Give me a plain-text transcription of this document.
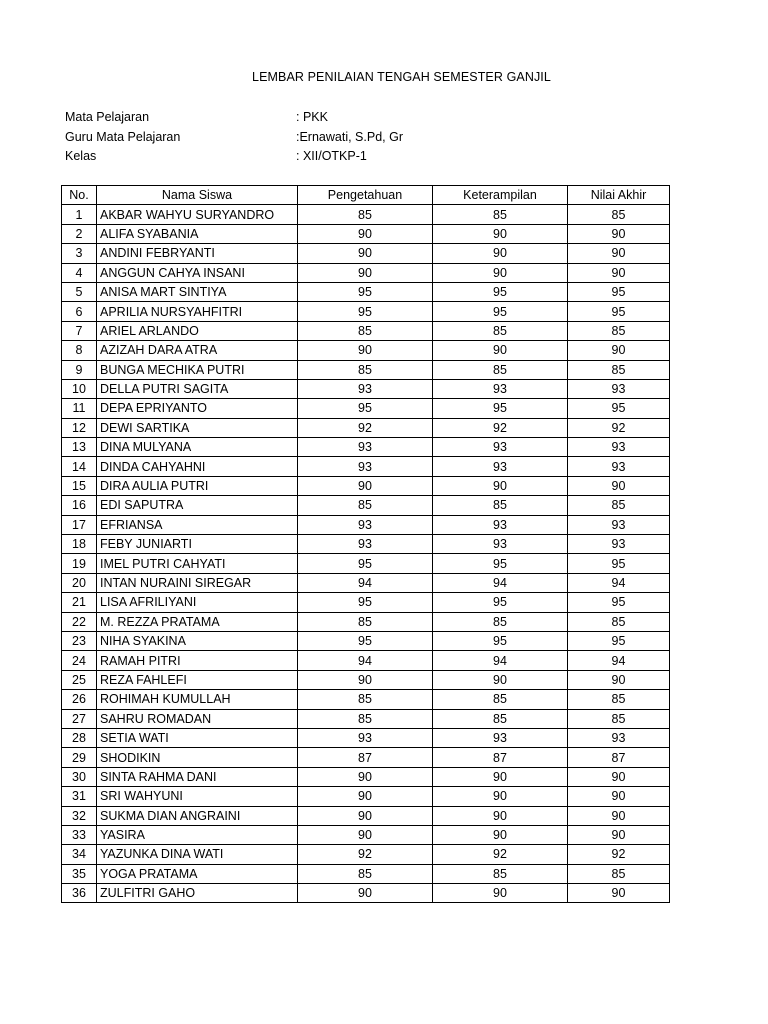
LEMBAR PENILAIAN TENGAH SEMESTER GANJIL
Mata Pelajaran	: PKK
Guru Mata Pelajaran	:Ernawati, S.Pd, Gr
Kelas	: XII/OTKP-1
No.	Nama Siswa	Pengetahuan	Keterampilan	Nilai Akhir
1	AKBAR WAHYU SURYANDRO	85	85	85
2	ALIFA SYABANIA	90	90	90
3	ANDINI FEBRYANTI	90	90	90
4	ANGGUN CAHYA INSANI	90	90	90
5	ANISA MART SINTIYA	95	95	95
6	APRILIA NURSYAHFITRI	95	95	95
7	ARIEL ARLANDO	85	85	85
8	AZIZAH DARA ATRA	90	90	90
9	BUNGA MECHIKA PUTRI	85	85	85
10	DELLA PUTRI SAGITA	93	93	93
11	DEPA EPRIYANTO	95	95	95
12	DEWI SARTIKA	92	92	92
13	DINA MULYANA	93	93	93
14	DINDA CAHYAHNI	93	93	93
15	DIRA AULIA PUTRI	90	90	90
16	EDI SAPUTRA	85	85	85
17	EFRIANSA	93	93	93
18	FEBY JUNIARTI	93	93	93
19	IMEL PUTRI CAHYATI	95	95	95
20	INTAN NURAINI SIREGAR	94	94	94
21	LISA AFRILIYANI	95	95	95
22	M. REZZA PRATAMA	85	85	85
23	NIHA SYAKINA	95	95	95
24	RAMAH PITRI	94	94	94
25	REZA FAHLEFI	90	90	90
26	ROHIMAH KUMULLAH	85	85	85
27	SAHRU ROMADAN	85	85	85
28	SETIA WATI	93	93	93
29	SHODIKIN	87	87	87
30	SINTA RAHMA DANI	90	90	90
31	SRI WAHYUNI	90	90	90
32	SUKMA DIAN ANGRAINI	90	90	90
33	YASIRA	90	90	90
34	YAZUNKA DINA WATI	92	92	92
35	YOGA PRATAMA	85	85	85
36	ZULFITRI GAHO	90	90	90
